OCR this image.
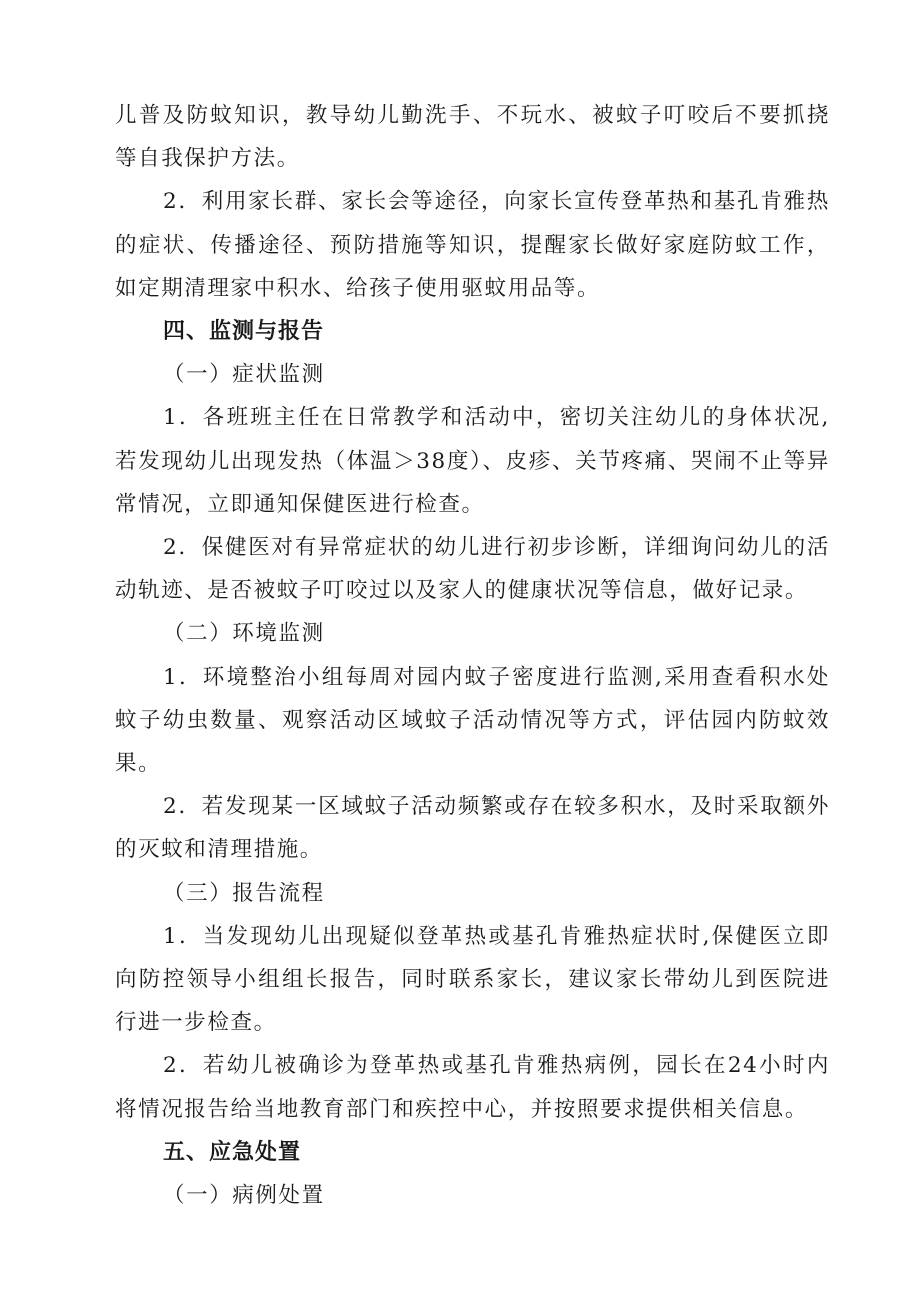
儿普及防蚊知识，教导幼儿勤洗手、不玩水、被蚊子叮咬后不要抓挠等自我保护方法。

2．利用家长群、家长会等途径，向家长宣传登革热和基孔肯雅热的症状、传播途径、预防措施等知识，提醒家长做好家庭防蚊工作，如定期清理家中积水、给孩子使用驱蚊用品等。

四、监测与报告

（一）症状监测

1．各班班主任在日常教学和活动中，密切关注幼儿的身体状况,若发现幼儿出现发热（体温＞38度）、皮疹、关节疼痛、哭闹不止等异常情况，立即通知保健医进行检查。

2．保健医对有异常症状的幼儿进行初步诊断，详细询问幼儿的活动轨迹、是否被蚊子叮咬过以及家人的健康状况等信息，做好记录。

（二）环境监测

1．环境整治小组每周对园内蚊子密度进行监测,采用查看积水处蚊子幼虫数量、观察活动区域蚊子活动情况等方式，评估园内防蚊效果。

2．若发现某一区域蚊子活动频繁或存在较多积水，及时采取额外的灭蚊和清理措施。

（三）报告流程

1．当发现幼儿出现疑似登革热或基孔肯雅热症状时,保健医立即向防控领导小组组长报告，同时联系家长，建议家长带幼儿到医院进行进一步检查。

2．若幼儿被确诊为登革热或基孔肯雅热病例，园长在24小时内将情况报告给当地教育部门和疾控中心，并按照要求提供相关信息。

五、应急处置

（一）病例处置
